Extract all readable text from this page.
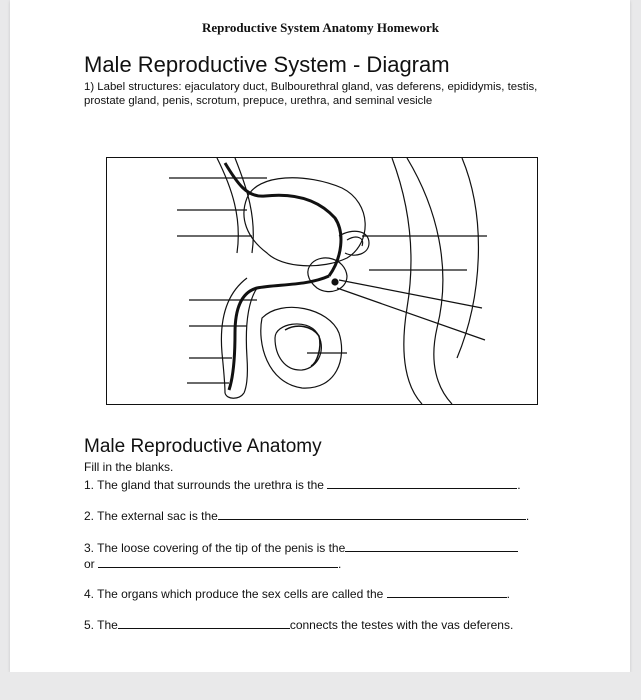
Reproductive System Anatomy Homework
Male Reproductive System - Diagram
1) Label structures: ejaculatory duct, Bulbourethral gland, vas deferens, epididymis, testis, prostate gland, penis, scrotum, prepuce, urethra, and seminal vesicle
Male Reproductive Anatomy
Fill in the blanks.
1. The gland that surrounds the urethra is the	.
2. The external sac is the	.
3. The loose covering of the tip of the penis is the
or	.
4. The organs which produce the sex cells are called the	.
5. The	connects the testes with the vas deferens.
